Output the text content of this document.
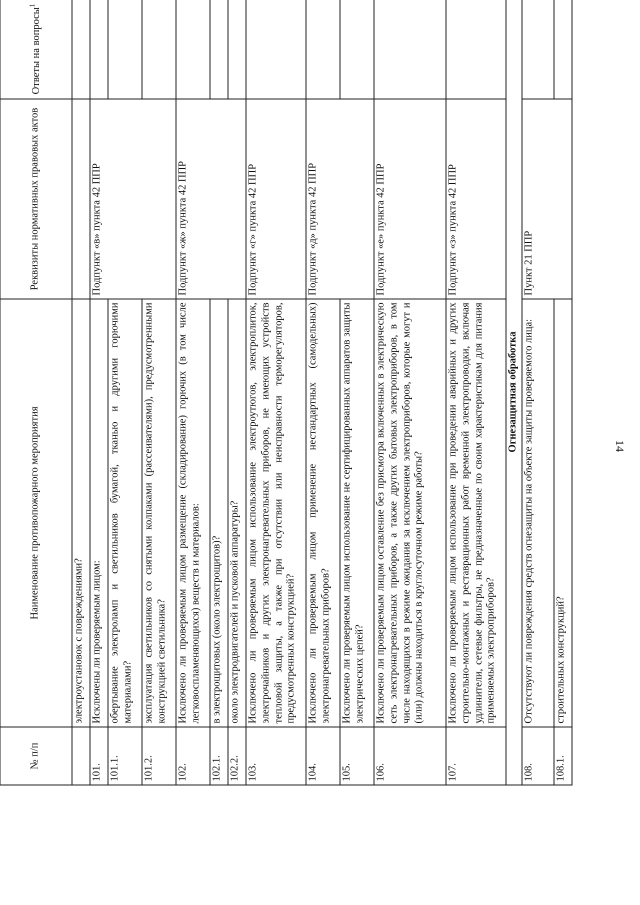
14
№ п/п	Наименование противопожарного мероприятия	Реквизиты нормативных правовых актов	Ответы на вопросы$^1$
	электроустановок с повреждениями?		
101.	Исключены ли проверяемым лицом:	Подпункт «в» пункта 42 ППР	
101.1.	обертывание электроламп и светильников бумагой, тканью и другими горючими материалами?		
101.2.	эксплуатация светильников со снятыми колпаками (рассеивателями), предусмотренными конструкцией светильника?		
102.	Исключено ли проверяемым лицом размещение (складирование) горючих (в том числе легковоспламеняющихся) веществ и материалов:	Подпункт «ж» пункта 42 ППР	
102.1.	в электрощитовых (около электрощитов)?		
102.2.	около электродвигателей и пусковой аппаратуры?		
103.	Исключено ли проверяемым лицом использование электроутюгов, электроплиток, электрочайников и других электронагревательных приборов, не имеющих устройств тепловой защиты, а также при отсутствии или неисправности терморегуляторов, предусмотренных конструкцией?	Подпункт «г» пункта 42 ППР	
104.	Исключено ли проверяемым лицом применение нестандартных (самодельных) электронагревательных приборов?	Подпункт «д» пункта 42 ППР	
105.	Исключено ли проверяемым лицом использование не сертифицированных аппаратов защиты электрических цепей?		
106.	Исключено ли проверяемым лицом оставление без присмотра включенных в электрическую сеть электронагревательных приборов, а также других бытовых электроприборов, в том числе находящихся в режиме ожидания за исключением электроприборов, которые могут и (или) должны находиться в круглосуточном режиме работы?	Подпункт «е» пункта 42 ППР	
107.	Исключено ли проверяемым лицом использование при проведении аварийных и других строительно-монтажных и реставрационных работ временной электропроводки, включая удлинители, сетевые фильтры, не предназначенные по своим характеристикам для питания применяемых электроприборов?	Подпункт «з» пункта 42 ППР	
Огнезащитная обработка			
108.	Отсутствуют ли повреждения средств огнезащиты на объекте защиты проверяемого лица:	Пункт 21 ППР	
108.1.	строительных конструкций?		
